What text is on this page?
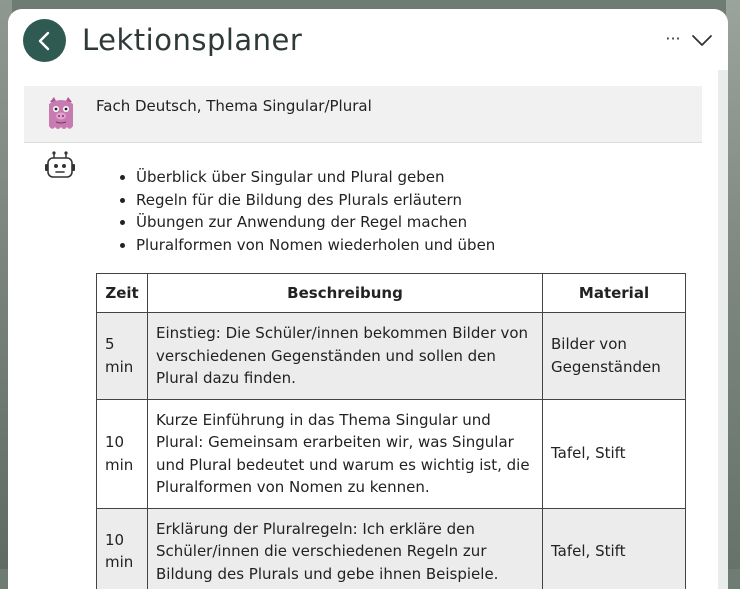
Lektionsplaner	···
Fach Deutsch, Thema Singular/Plural
• Überblick über Singular und Plural geben
• Regeln für die Bildung des Plurals erläutern
• Übungen zur Anwendung der Regel machen
• Pluralformen von Nomen wiederholen und üben
Zeit	Beschreibung	Material
5 min	Einstieg: Die Schüler/innen bekommen Bilder von verschiedenen Gegenständen und sollen den Plural dazu finden.	Bilder von Gegenständen
10 min	Kurze Einführung in das Thema Singular und Plural: Gemeinsam erarbeiten wir, was Singular und Plural bedeutet und warum es wichtig ist, die Pluralformen von Nomen zu kennen.	Tafel, Stift
10 min	Erklärung der Pluralregeln: Ich erkläre den Schüler/innen die verschiedenen Regeln zur Bildung des Plurals und gebe ihnen Beispiele.	Tafel, Stift
